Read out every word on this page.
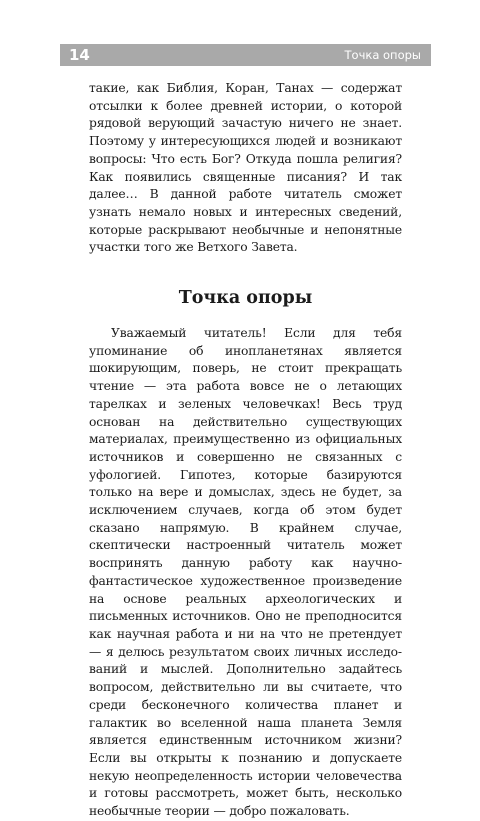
14	Точка опоры

такие, как Библия, Коран, Танах — содержат отсылки к более древней истории, о которой рядовой верующий зачастую ничего не знает. Поэтому у интересующихся людей и возникают вопросы: Что есть Бог? Откуда пошла религия? Как появились священные писания? И так далее… В данной работе читатель сможет узнать немало новых и интересных сведений, которые раскрывают необычные и непонятные участки того же Ветхого Завета.

Точка опоры

Уважаемый читатель! Если для тебя упоминание об инопланетянах является шокирующим, поверь, не стоит прекращать чтение — эта работа вовсе не о летающих тарелках и зеленых человечках! Весь труд основан на действительно существующих материалах, преимущественно из официальных источников и совершенно не связанных с уфологией. Гипотез, которые базируются только на вере и домыслах, здесь не будет, за исключением случаев, когда об этом будет сказано напрямую. В крайнем случае, скептически настроенный читатель может воспринять данную работу как научно-фантастическое художественное произведение на основе реальных археологических и письменных источников. Оно не преподносится как научная работа и ни на что не претендует — я делюсь результатом своих личных исследований и мыслей. Дополнительно задайтесь вопросом, действительно ли вы считаете, что среди бесконечного количества планет и галактик во вселенной наша планета Земля является единственным источником жизни? Если вы открыты к познанию и допускаете некую неопределенность истории человечества и готовы рассмотреть, может быть, несколько необычные теории — добро пожаловать.
